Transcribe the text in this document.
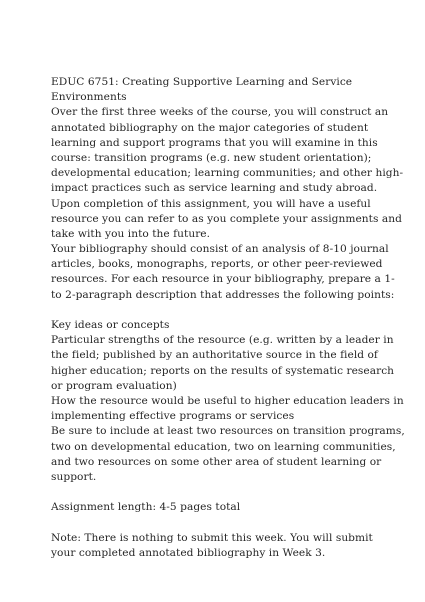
EDUC 6751: Creating Supportive Learning and Service
Environments
Over the first three weeks of the course, you will construct an
annotated bibliography on the major categories of student
learning and support programs that you will examine in this
course: transition programs (e.g. new student orientation);
developmental education; learning communities; and other high-
impact practices such as service learning and study abroad.
Upon completion of this assignment, you will have a useful
resource you can refer to as you complete your assignments and
take with you into the future.
Your bibliography should consist of an analysis of 8-10 journal
articles, books, monographs, reports, or other peer-reviewed
resources. For each resource in your bibliography, prepare a 1-
to 2-paragraph description that addresses the following points:
Key ideas or concepts
Particular strengths of the resource (e.g. written by a leader in
the field; published by an authoritative source in the field of
higher education; reports on the results of systematic research
or program evaluation)
How the resource would be useful to higher education leaders in
implementing effective programs or services
Be sure to include at least two resources on transition programs,
two on developmental education, two on learning communities,
and two resources on some other area of student learning or
support.
Assignment length: 4-5 pages total
Note: There is nothing to submit this week. You will submit
your completed annotated bibliography in Week 3.
